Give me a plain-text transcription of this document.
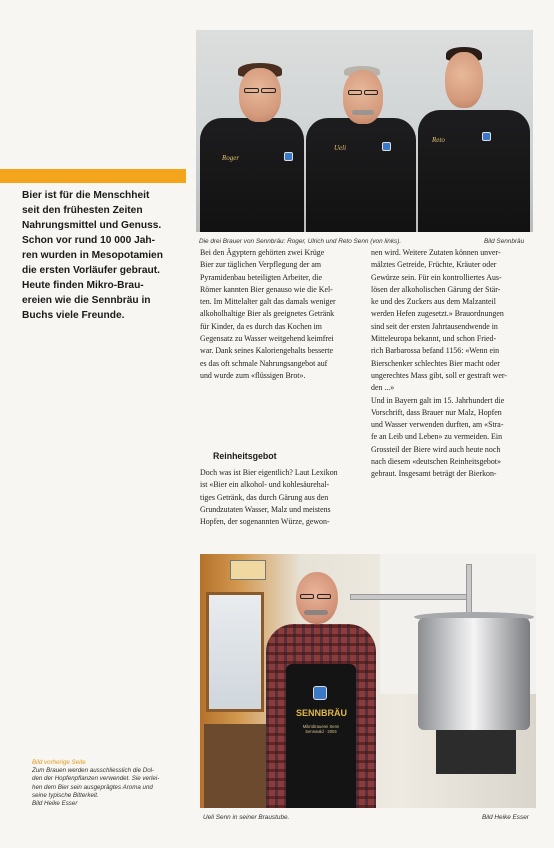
Roger
Ueli
Reto
Die drei Brauer von Sennbräu: Roger, Ulrich und Reto Senn (von links).	Bild Sennbräu
Bier ist für die Menschheit
seit den frühesten Zeiten
Nahrungsmittel und Genuss.
Schon vor rund 10 000 Jah-
ren wurden in Mesopotamien
die ersten Vorläufer gebraut.
Heute finden Mikro-Brau-
ereien wie die Sennbräu in
Buchs viele Freunde.
Bei den Ägyptern gehörten zwei Krüge
Bier zur täglichen Verpflegung der am
Pyramidenbau beteiligten Arbeiter, die
Römer kannten Bier genauso wie die Kel-
ten. Im Mittelalter galt das damals weniger
alkoholhaltige Bier als geeignetes Getränk
für Kinder, da es durch das Kochen im
Gegensatz zu Wasser weitgehend keimfrei
war. Dank seines Kaloriengehalts besserte
es das oft schmale Nahrungsangebot auf
und wurde zum «flüssigen Brot».
Reinheitsgebot
Doch was ist Bier eigentlich? Laut Lexikon
ist «Bier ein alkohol- und kohlesäurehal-
tiges Getränk, das durch Gärung aus den
Grundzutaten Wasser, Malz und meistens
Hopfen, der sogenannten Würze, gewon-
nen wird. Weitere Zutaten können unver-
mälztes Getreide, Früchte, Kräuter oder
Gewürze sein. Für ein kontrolliertes Aus-
lösen der alkoholischen Gärung der Stär-
ke und des Zuckers aus dem Malzanteil
werden Hefen zugesetzt.» Brauordnungen
sind seit der ersten Jahrtausendwende in
Mitteleuropa bekannt, und schon Fried-
rich Barbarossa befand 1156: «Wenn ein
Bierschenker schlechtes Bier macht oder
ungerechtes Mass gibt, soll er gestraft wer-
den ...»
Und in Bayern galt im 15. Jahrhundert die
Vorschrift, dass Brauer nur Malz, Hopfen
und Wasser verwenden durften, am «Stra-
fe an Leib und Leben» zu vermeiden. Ein
Grossteil der Biere wird auch heute noch
nach diesem «deutschen Reinheitsgebot»
gebraut. Insgesamt beträgt der Bierkon-
SENNBRÄU
Mikrobrauerei Senn Sennwald · 2004
Ueli Senn in seiner Braustube.	Bild Heike Esser
Bild vorherige Seite
Zum Brauen werden ausschliesslich die Dol-
den der Hopfenpflanzen verwendet. Sie verlei-
hen dem Bier sein ausgeprägtes Aroma und
seine typische Bitterkeit.
Bild Heike Esser
